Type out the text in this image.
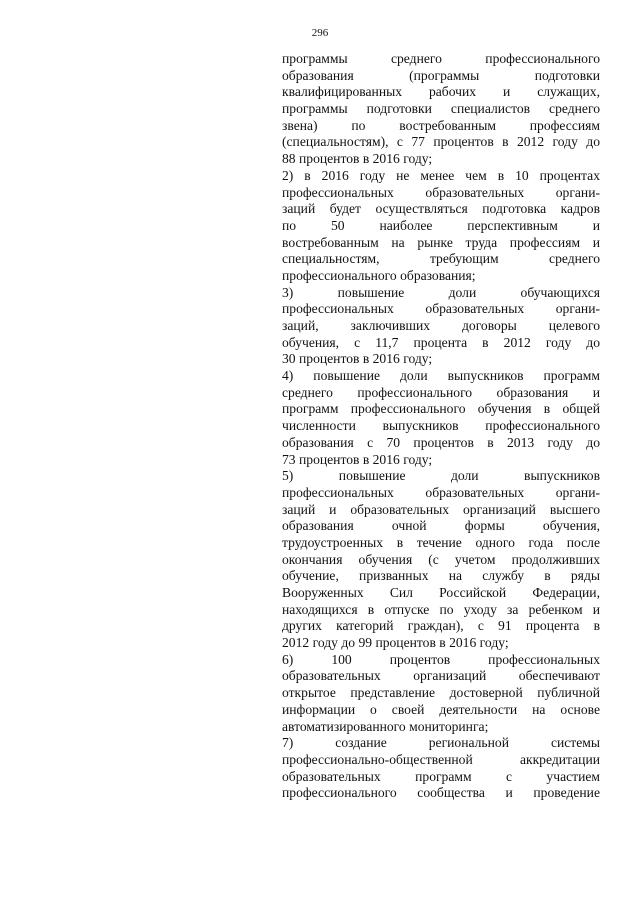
296

программы среднего профессионального
образования (программы подготовки
квалифицированных рабочих и служащих,
программы подготовки специалистов среднего
звена) по востребованным профессиям
(специальностям), с 77 процентов в 2012 году до
88 процентов в 2016 году;

2) в 2016 году не менее чем в 10 процентах
профессиональных образовательных органи-
заций будет осуществляться подготовка кадров
по 50 наиболее перспективным и
востребованным на рынке труда профессиям и
специальностям, требующим среднего
профессионального образования;

3) повышение доли обучающихся
профессиональных образовательных органи-
заций, заключивших договоры целевого
обучения, с 11,7 процента в 2012 году до
30 процентов в 2016 году;

4) повышение доли выпускников программ
среднего профессионального образования и
программ профессионального обучения в общей
численности выпускников профессионального
образования с 70 процентов в 2013 году до
73 процентов в 2016 году;

5) повышение доли выпускников
профессиональных образовательных органи-
заций и образовательных организаций высшего
образования очной формы обучения,
трудоустроенных в течение одного года после
окончания обучения (с учетом продолживших
обучение, призванных на службу в ряды
Вооруженных Сил Российской Федерации,
находящихся в отпуске по уходу за ребенком и
других категорий граждан), с 91 процента в
2012 году до 99 процентов в 2016 году;

6) 100 процентов профессиональных
образовательных организаций обеспечивают
открытое представление достоверной публичной
информации о своей деятельности на основе
автоматизированного мониторинга;

7) создание региональной системы
профессионально-общественной аккредитации
образовательных программ с участием
профессионального сообщества и проведение
